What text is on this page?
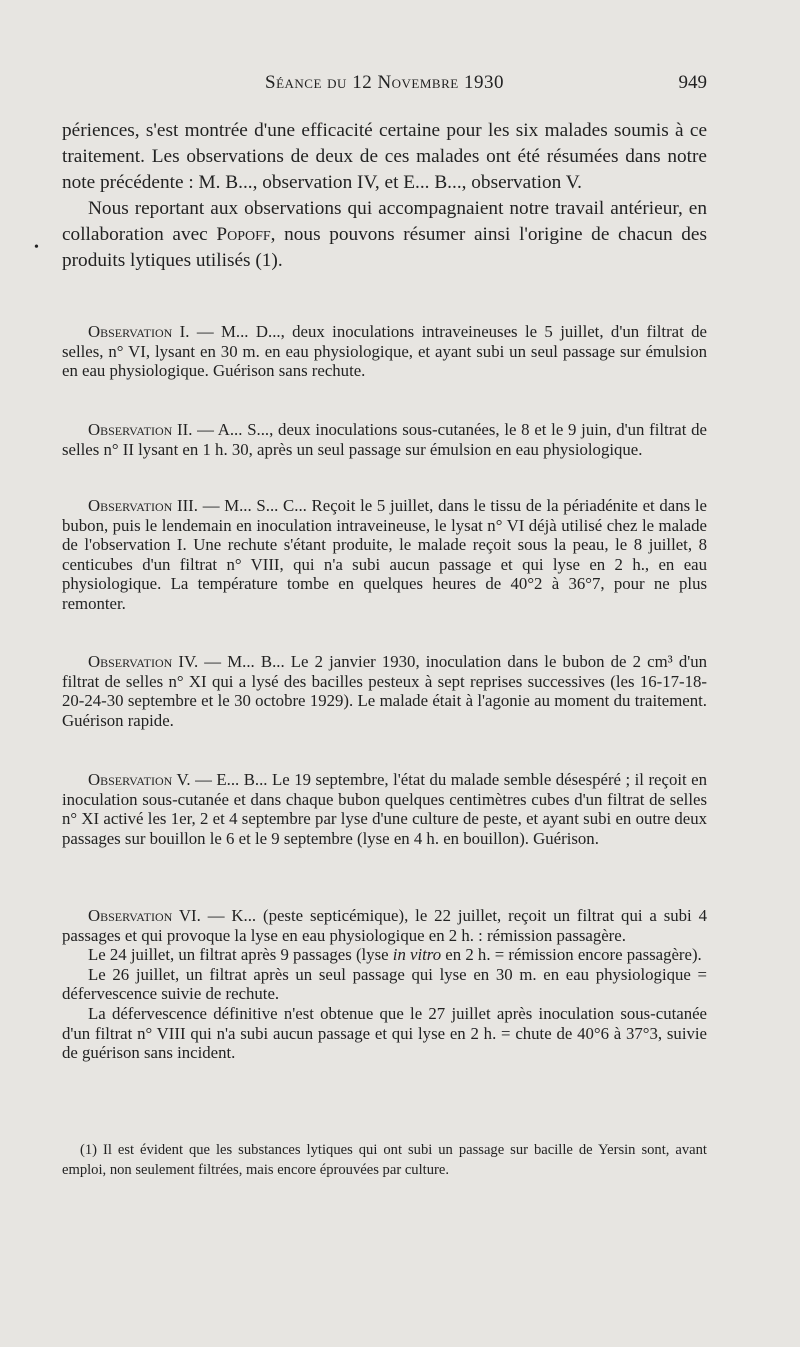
Séance du 12 Novembre 1930	949
•

périences, s'est montrée d'une efficacité certaine pour les six malades soumis à ce traitement. Les observations de deux de ces malades ont été résumées dans notre note précédente : M. B..., observation IV, et E... B..., observation V.

Nous reportant aux observations qui accompagnaient notre travail antérieur, en collaboration avec Popoff, nous pouvons résumer ainsi l'origine de chacun des produits lytiques utilisés (1).

Observation I. — M... D..., deux inoculations intraveineuses le 5 juillet, d'un filtrat de selles, n° VI, lysant en 30 m. en eau physiologique, et ayant subi un seul passage sur émulsion en eau physiologique. Guérison sans rechute.

Observation II. — A... S..., deux inoculations sous-cutanées, le 8 et le 9 juin, d'un filtrat de selles n° II lysant en 1 h. 30, après un seul passage sur émulsion en eau physiologique.

Observation III. — M... S... C... Reçoit le 5 juillet, dans le tissu de la périadénite et dans le bubon, puis le lendemain en inoculation intraveineuse, le lysat n° VI déjà utilisé chez le malade de l'observation I. Une rechute s'étant produite, le malade reçoit sous la peau, le 8 juillet, 8 centicubes d'un filtrat n° VIII, qui n'a subi aucun passage et qui lyse en 2 h., en eau physiologique. La température tombe en quelques heures de 40°2 à 36°7, pour ne plus remonter.

Observation IV. — M... B... Le 2 janvier 1930, inoculation dans le bubon de 2 cm³ d'un filtrat de selles n° XI qui a lysé des bacilles pesteux à sept reprises successives (les 16-17-18-20-24-30 septembre et le 30 octobre 1929). Le malade était à l'agonie au moment du traitement. Guérison rapide.

Observation V. — E... B... Le 19 septembre, l'état du malade semble désespéré ; il reçoit en inoculation sous-cutanée et dans chaque bubon quelques centimètres cubes d'un filtrat de selles n° XI activé les 1er, 2 et 4 septembre par lyse d'une culture de peste, et ayant subi en outre deux passages sur bouillon le 6 et le 9 septembre (lyse en 4 h. en bouillon). Guérison.

Observation VI. — K... (peste septicémique), le 22 juillet, reçoit un filtrat qui a subi 4 passages et qui provoque la lyse en eau physiologique en 2 h. : rémission passagère.

Le 24 juillet, un filtrat après 9 passages (lyse in vitro en 2 h. = rémission encore passagère).

Le 26 juillet, un filtrat après un seul passage qui lyse en 30 m. en eau physiologique = défervescence suivie de rechute.

La défervescence définitive n'est obtenue que le 27 juillet après inoculation sous-cutanée d'un filtrat n° VIII qui n'a subi aucun passage et qui lyse en 2 h. = chute de 40°6 à 37°3, suivie de guérison sans incident.

(1) Il est évident que les substances lytiques qui ont subi un passage sur bacille de Yersin sont, avant emploi, non seulement filtrées, mais encore éprouvées par culture.
